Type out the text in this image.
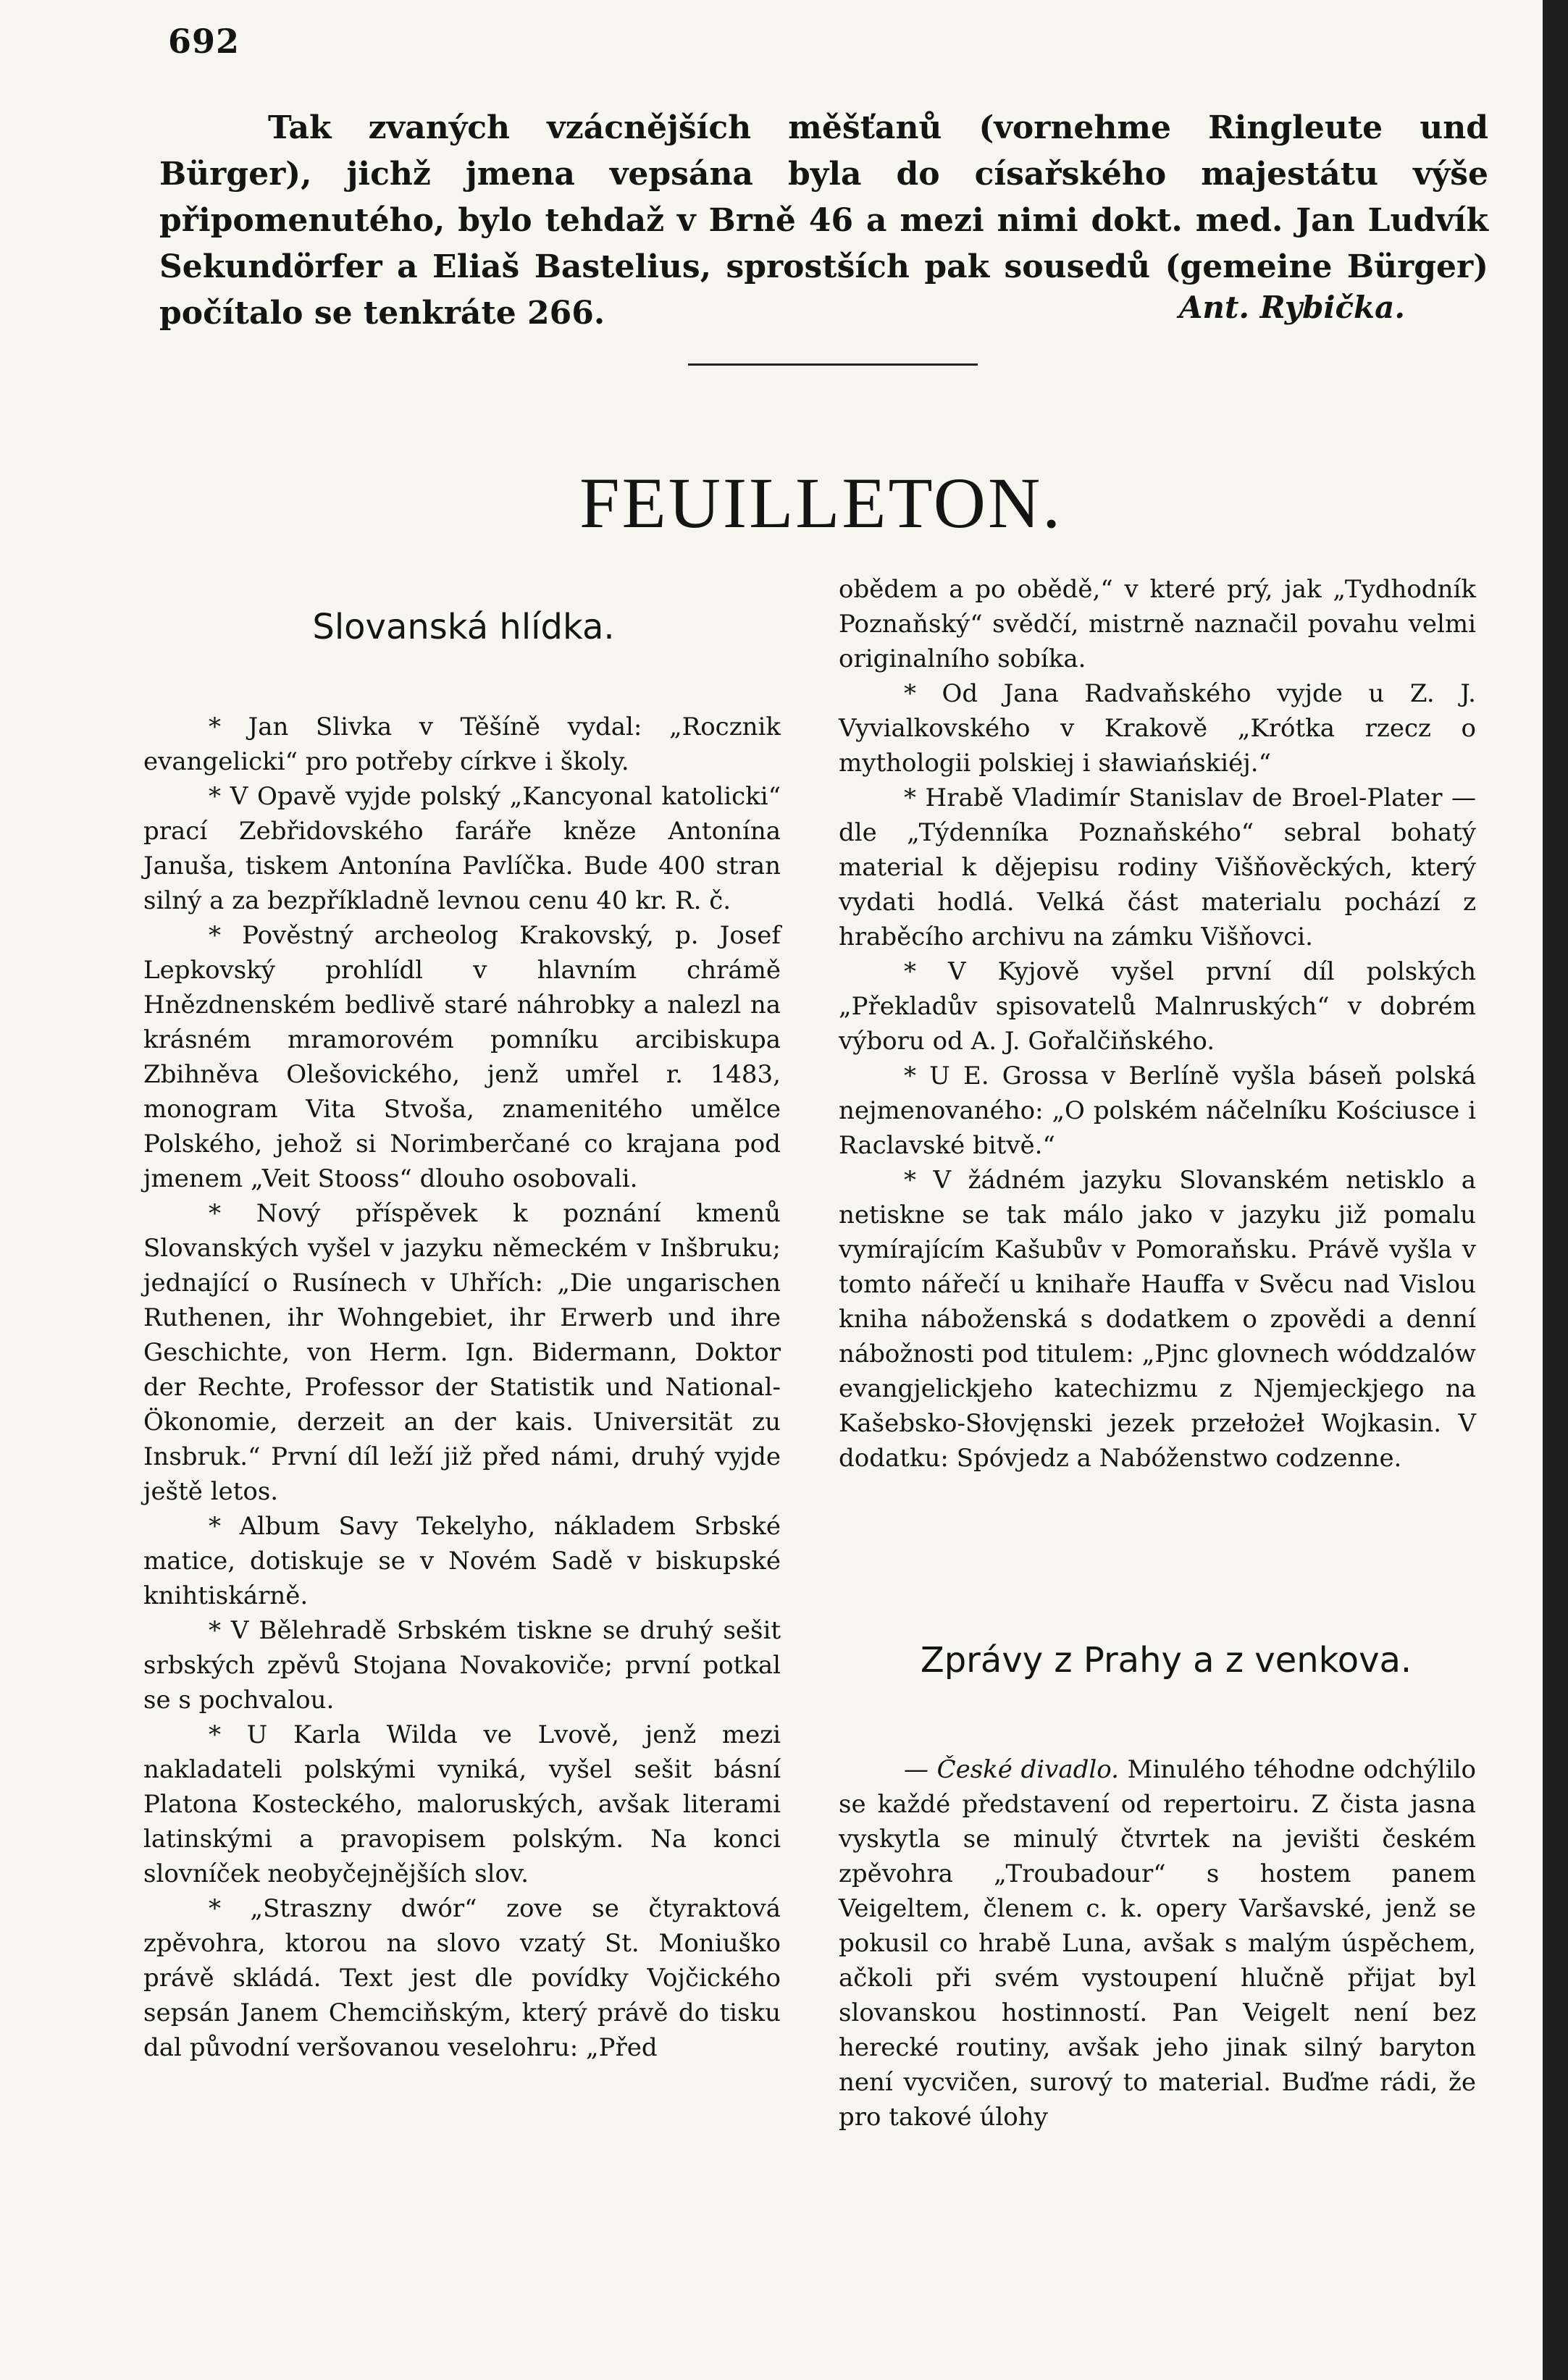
692

Tak zvaných vzácnějších měšťanů (vornehme Ringleute und Bürger), jichž jmena vepsána byla do císařského majestátu výše připomenutého, bylo tehdaž v Brně 46 a mezi nimi dokt. med. Jan Ludvík Sekundörfer a Eliaš Bastelius, sprostších pak sousedů (gemeine Bürger) počítalo se tenkráte 266.	Ant. Rybička.
FEUILLETON.
Slovanská hlídka.

* Jan Slivka v Těšíně vydal: „Rocznik evangelicki“ pro potřeby církve i školy.

* V Opavě vyjde polský „Kancyonal katolicki“ prací Zebřidovského faráře kněze Antonína Januša, tiskem Antonína Pavlíčka. Bude 400 stran silný a za bezpříkladně levnou cenu 40 kr. R. č.

* Pověstný archeolog Krakovský, p. Josef Lepkovský prohlídl v hlavním chrámě Hnězdnenském bedlivě staré náhrobky a nalezl na krásném mramorovém pomníku arcibiskupa Zbihněva Olešovického, jenž umřel r. 1483, monogram Vita Stvoša, znamenitého umělce Polského, jehož si Norimberčané co krajana pod jmenem „Veit Stooss“ dlouho osobovali.

* Nový příspěvek k poznání kmenů Slovanských vyšel v jazyku německém v Inšbruku; jednající o Rusínech v Uhřích: „Die ungarischen Ruthenen, ihr Wohngebiet, ihr Erwerb und ihre Geschichte, von Herm. Ign. Bidermann, Doktor der Rechte, Professor der Statistik und National-Ökonomie, derzeit an der kais. Universität zu Insbruk.“ První díl leží již před námi, druhý vyjde ještě letos.

* Album Savy Tekelyho, nákladem Srbské matice, dotiskuje se v Novém Sadě v biskupské knihtiskárně.

* V Bělehradě Srbském tiskne se druhý sešit srbských zpěvů Stojana Novakoviče; první potkal se s pochvalou.

* U Karla Wilda ve Lvově, jenž mezi nakladateli polskými vyniká, vyšel sešit básní Platona Kosteckého, maloruských, avšak literami latinskými a pravopisem polským. Na konci slovníček neobyčejnějších slov.

* „Straszny dwór“ zove se čtyraktová zpěvohra, ktorou na slovo vzatý St. Moniuško právě skládá. Text jest dle povídky Vojčického sepsán Janem Chemciňským, který právě do tisku dal původní veršovanou veselohru: „Před

obědem a po obědě,“ v které prý, jak „Tydhodník Poznaňský“ svědčí, mistrně naznačil povahu velmi originalního sobíka.

* Od Jana Radvaňského vyjde u Z. J. Vyvialkovského v Krakově „Krótka rzecz o mythologii polskiej i sławiańskiéj.“

* Hrabě Vladimír Stanislav de Broel-Plater — dle „Týdenníka Poznaňského“ sebral bohatý material k dějepisu rodiny Višňověckých, který vydati hodlá. Velká část materialu pochází z hraběcího archivu na zámku Višňovci.

* V Kyjově vyšel první díl polských „Překladův spisovatelů Malnruských“ v dobrém výboru od A. J. Gořalčiňského.

* U E. Grossa v Berlíně vyšla báseň polská nejmenovaného: „O polském náčelníku Kościusce i Raclavské bitvě.“

* V žádném jazyku Slovanském netisklo a netiskne se tak málo jako v jazyku již pomalu vymírajícím Kašubův v Pomoraňsku. Právě vyšla v tomto nářečí u knihaře Hauffa v Svěcu nad Vislou kniha náboženská s dodatkem o zpovědi a denní nábožnosti pod titulem: „Pjnc glovnech wóddzalów evangjelickjeho katechizmu z Njemjeckjego na Kašebsko-Słovjęnski jezek przełożeł Wojkasin. V dodatku: Spóvjedz a Nabóženstwo codzenne.

Zprávy z Prahy a z venkova.

— České divadlo. Minulého téhodne odchýlilo se každé představení od repertoiru. Z čista jasna vyskytla se minulý čtvrtek na jevišti českém zpěvohra „Troubadour“ s hostem panem Veigeltem, členem c. k. opery Varšavské, jenž se pokusil co hrabě Luna, avšak s malým úspěchem, ačkoli při svém vystoupení hlučně přijat byl slovanskou hostinností. Pan Veigelt není bez herecké routiny, avšak jeho jinak silný baryton není vycvičen, surový to material. Buďme rádi, že pro takové úlohy
